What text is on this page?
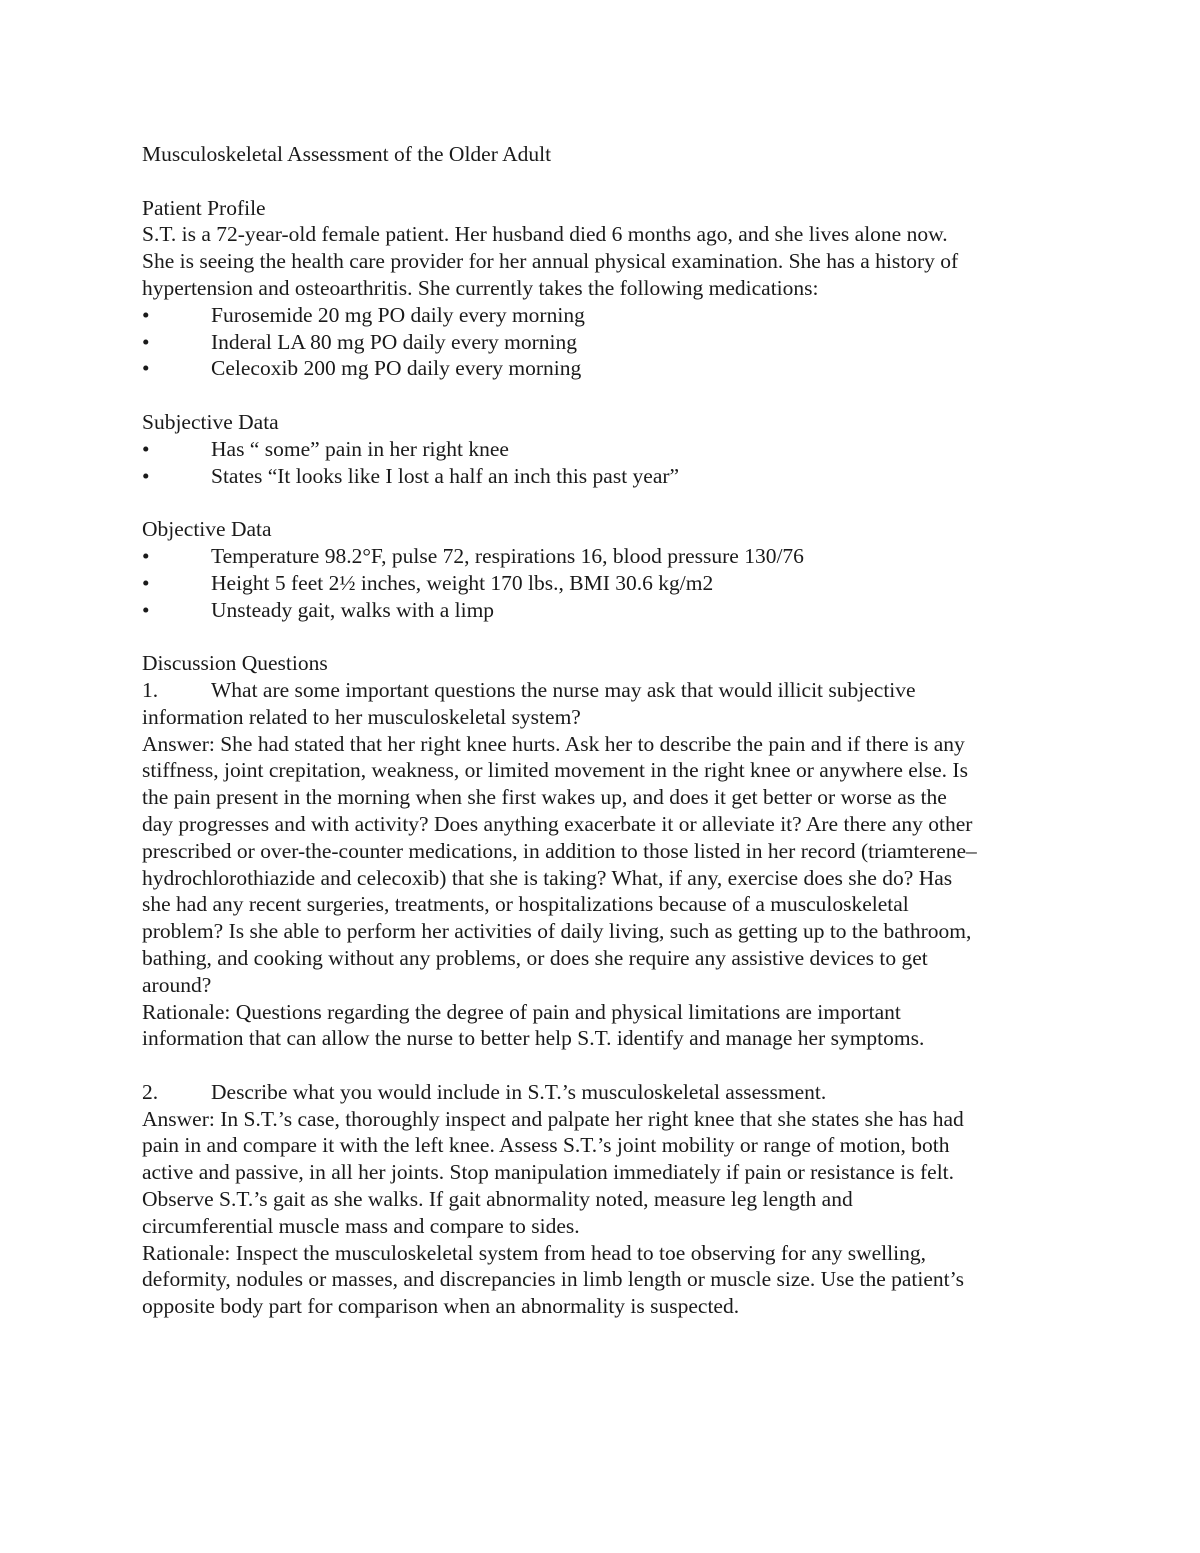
Musculoskeletal Assessment of the Older Adult
Patient Profile
S.T. is a 72-year-old female patient. Her husband died 6 months ago, and she lives alone now.
She is seeing the health care provider for her annual physical examination. She has a history of
hypertension and osteoarthritis. She currently takes the following medications:
•	Furosemide 20 mg PO daily every morning
•	Inderal LA 80 mg PO daily every morning
•	Celecoxib 200 mg PO daily every morning
Subjective Data
•	Has “ some” pain in her right knee
•	States “It looks like I lost a half an inch this past year”
Objective Data
•	Temperature 98.2°F, pulse 72, respirations 16, blood pressure 130/76
•	Height 5 feet 2½ inches, weight 170 lbs., BMI 30.6 kg/m2
•	Unsteady gait, walks with a limp
Discussion Questions
1.	What are some important questions the nurse may ask that would illicit subjective
information related to her musculoskeletal system?
Answer: She had stated that her right knee hurts. Ask her to describe the pain and if there is any
stiffness, joint crepitation, weakness, or limited movement in the right knee or anywhere else. Is
the pain present in the morning when she first wakes up, and does it get better or worse as the
day progresses and with activity? Does anything exacerbate it or alleviate it? Are there any other
prescribed or over-the-counter medications, in addition to those listed in her record (triamterene–
hydrochlorothiazide and celecoxib) that she is taking? What, if any, exercise does she do? Has
she had any recent surgeries, treatments, or hospitalizations because of a musculoskeletal
problem? Is she able to perform her activities of daily living, such as getting up to the bathroom,
bathing, and cooking without any problems, or does she require any assistive devices to get
around?
Rationale: Questions regarding the degree of pain and physical limitations are important
information that can allow the nurse to better help S.T. identify and manage her symptoms.
2.	Describe what you would include in S.T.’s musculoskeletal assessment.
Answer: In S.T.’s case, thoroughly inspect and palpate her right knee that she states she has had
pain in and compare it with the left knee. Assess S.T.’s joint mobility or range of motion, both
active and passive, in all her joints. Stop manipulation immediately if pain or resistance is felt.
Observe S.T.’s gait as she walks. If gait abnormality noted, measure leg length and
circumferential muscle mass and compare to sides.
Rationale: Inspect the musculoskeletal system from head to toe observing for any swelling,
deformity, nodules or masses, and discrepancies in limb length or muscle size. Use the patient’s
opposite body part for comparison when an abnormality is suspected.
